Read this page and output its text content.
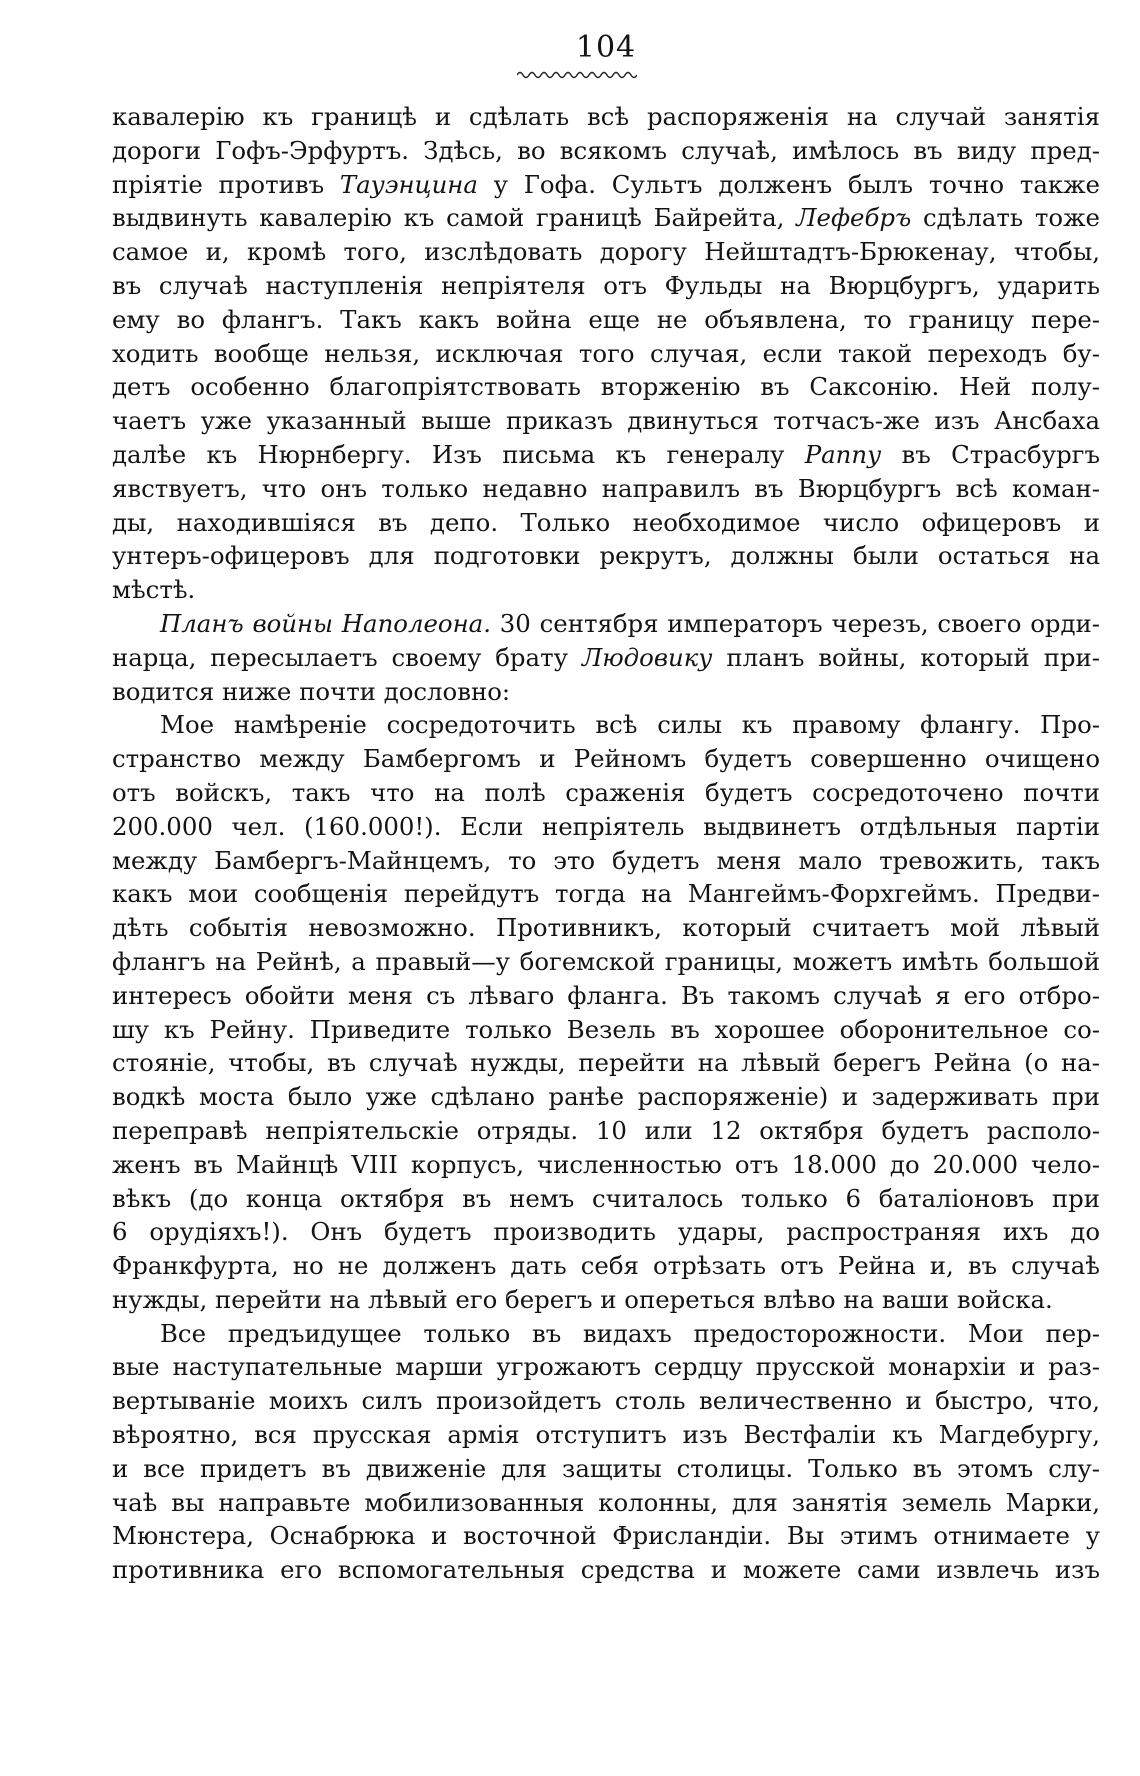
104
кавалерію къ границѣ и сдѣлать всѣ распоряженія на случай занятія
дороги Гофъ-Эрфуртъ. Здѣсь, во всякомъ случаѣ, имѣлось въ виду пред-
пріятіе противъ Тауэнцина у Гофа. Сультъ долженъ былъ точно также
выдвинуть кавалерію къ самой границѣ Байрейта, Лефебръ сдѣлать тоже
самое и, кромѣ того, изслѣдовать дорогу Нейштадтъ-Брюкенау, чтобы,
въ случаѣ наступленія непріятеля отъ Фульды на Вюрцбургъ, ударить
ему во флангъ. Такъ какъ война еще не объявлена, то границу пере-
ходить вообще нельзя, исключая того случая, если такой переходъ бу-
детъ особенно благопріятствовать вторженію въ Саксонію. Ней полу-
чаетъ уже указанный выше приказъ двинуться тотчасъ-же изъ Ансбаха
далѣе къ Нюрнбергу. Изъ письма къ генералу Раппу въ Страсбургъ
явствуетъ, что онъ только недавно направилъ въ Вюрцбургъ всѣ коман-
ды, находившіяся въ депо. Только необходимое число офицеровъ и
унтеръ-офицеровъ для подготовки рекрутъ, должны были остаться на
мѣстѣ.
Планъ войны Наполеона. 30 сентября императоръ черезъ, своего орди-
нарца, пересылаетъ своему брату Людовику планъ войны, который при-
водится ниже почти дословно:
Мое намѣреніе сосредоточить всѣ силы къ правому флангу. Про-
странство между Бамбергомъ и Рейномъ будетъ совершенно очищено
отъ войскъ, такъ что на полѣ сраженія будетъ сосредоточено почти
200.000 чел. (160.000!). Если непріятель выдвинетъ отдѣльныя партіи
между Бамбергъ-Майнцемъ, то это будетъ меня мало тревожить, такъ
какъ мои сообщенія перейдутъ тогда на Мангеймъ-Форхгеймъ. Предви-
дѣть событія невозможно. Противникъ, который считаетъ мой лѣвый
флангъ на Рейнѣ, а правый—у богемской границы, можетъ имѣть большой
интересъ обойти меня съ лѣваго фланга. Въ такомъ случаѣ я его отбро-
шу къ Рейну. Приведите только Везель въ хорошее оборонительное со-
стояніе, чтобы, въ случаѣ нужды, перейти на лѣвый берегъ Рейна (о на-
водкѣ моста было уже сдѣлано ранѣе распоряженіе) и задерживать при
переправѣ непріятельскіе отряды. 10 или 12 октября будетъ располо-
женъ въ Майнцѣ VIII корпусъ, численностью отъ 18.000 до 20.000 чело-
вѣкъ (до конца октября въ немъ считалось только 6 баталіоновъ при
6 орудіяхъ!). Онъ будетъ производить удары, распространяя ихъ до
Франкфурта, но не долженъ дать себя отрѣзать отъ Рейна и, въ случаѣ
нужды, перейти на лѣвый его берегъ и опереться влѣво на ваши войска.
Все предъидущее только въ видахъ предосторожности. Мои пер-
вые наступательные марши угрожаютъ сердцу прусской монархіи и раз-
вертываніе моихъ силъ произойдетъ столь величественно и быстро, что,
вѣроятно, вся прусская армія отступитъ изъ Вестфаліи къ Магдебургу,
и все придетъ въ движеніе для защиты столицы. Только въ этомъ слу-
чаѣ вы направьте мобилизованныя колонны, для занятія земель Марки,
Мюнстера, Оснабрюка и восточной Фрисландіи. Вы этимъ отнимаете у
противника его вспомогательныя средства и можете сами извлечь изъ
